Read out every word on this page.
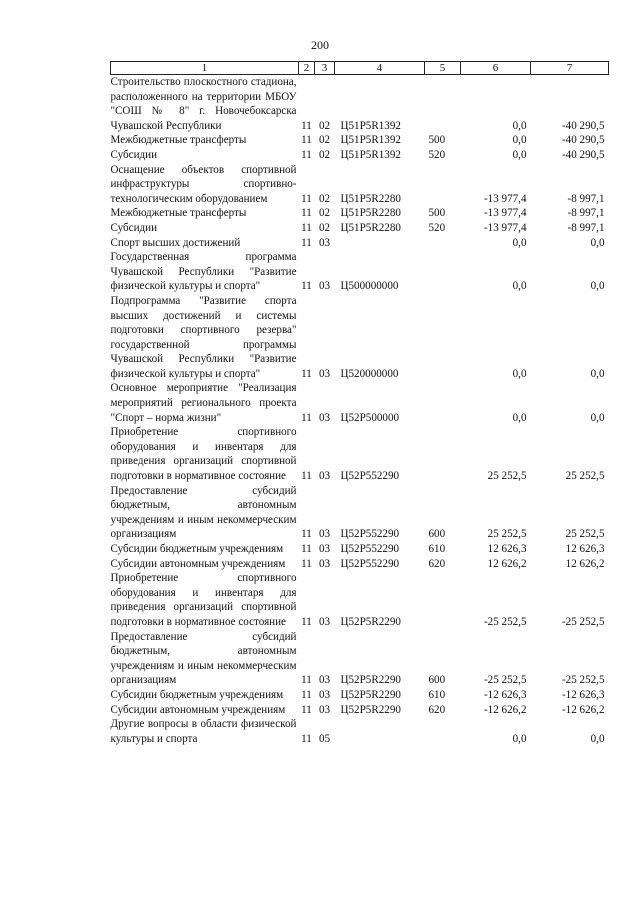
200
1	2	3	4	5	6	7
Строительство плоскостного стадиона, расположенного на территории МБОУ "СОШ № 8" г. Новочебоксарска Чувашской Республики	11	02	Ц51P5R1392		0,0	-40 290,5
Межбюджетные трансферты	11	02	Ц51P5R1392	500	0,0	-40 290,5
Субсидии	11	02	Ц51P5R1392	520	0,0	-40 290,5
Оснащение объектов спортивной инфраструктуры спортивно-технологическим оборудованием	11	02	Ц51P5R2280		-13 977,4	-8 997,1
Межбюджетные трансферты	11	02	Ц51P5R2280	500	-13 977,4	-8 997,1
Субсидии	11	02	Ц51P5R2280	520	-13 977,4	-8 997,1
Спорт высших достижений	11	03			0,0	0,0
Государственная программа Чувашской Республики "Развитие физической культуры и спорта"	11	03	Ц500000000		0,0	0,0
Подпрограмма "Развитие спорта высших достижений и системы подготовки спортивного резерва" государственной программы Чувашской Республики "Развитие физической культуры и спорта"	11	03	Ц520000000		0,0	0,0
Основное мероприятие "Реализация мероприятий регионального проекта "Спорт – норма жизни"	11	03	Ц52P500000		0,0	0,0
Приобретение спортивного оборудования и инвентаря для приведения организаций спортивной подготовки в нормативное состояние	11	03	Ц52P552290		25 252,5	25 252,5
Предоставление субсидий бюджетным, автономным учреждениям и иным некоммерческим организациям	11	03	Ц52P552290	600	25 252,5	25 252,5
Субсидии бюджетным учреждениям	11	03	Ц52P552290	610	12 626,3	12 626,3
Субсидии автономным учреждениям	11	03	Ц52P552290	620	12 626,2	12 626,2
Приобретение спортивного оборудования и инвентаря для приведения организаций спортивной подготовки в нормативное состояние	11	03	Ц52P5R2290		-25 252,5	-25 252,5
Предоставление субсидий бюджетным, автономным учреждениям и иным некоммерческим организациям	11	03	Ц52P5R2290	600	-25 252,5	-25 252,5
Субсидии бюджетным учреждениям	11	03	Ц52P5R2290	610	-12 626,3	-12 626,3
Субсидии автономным учреждениям	11	03	Ц52P5R2290	620	-12 626,2	-12 626,2
Другие вопросы в области физической культуры и спорта	11	05			0,0	0,0
